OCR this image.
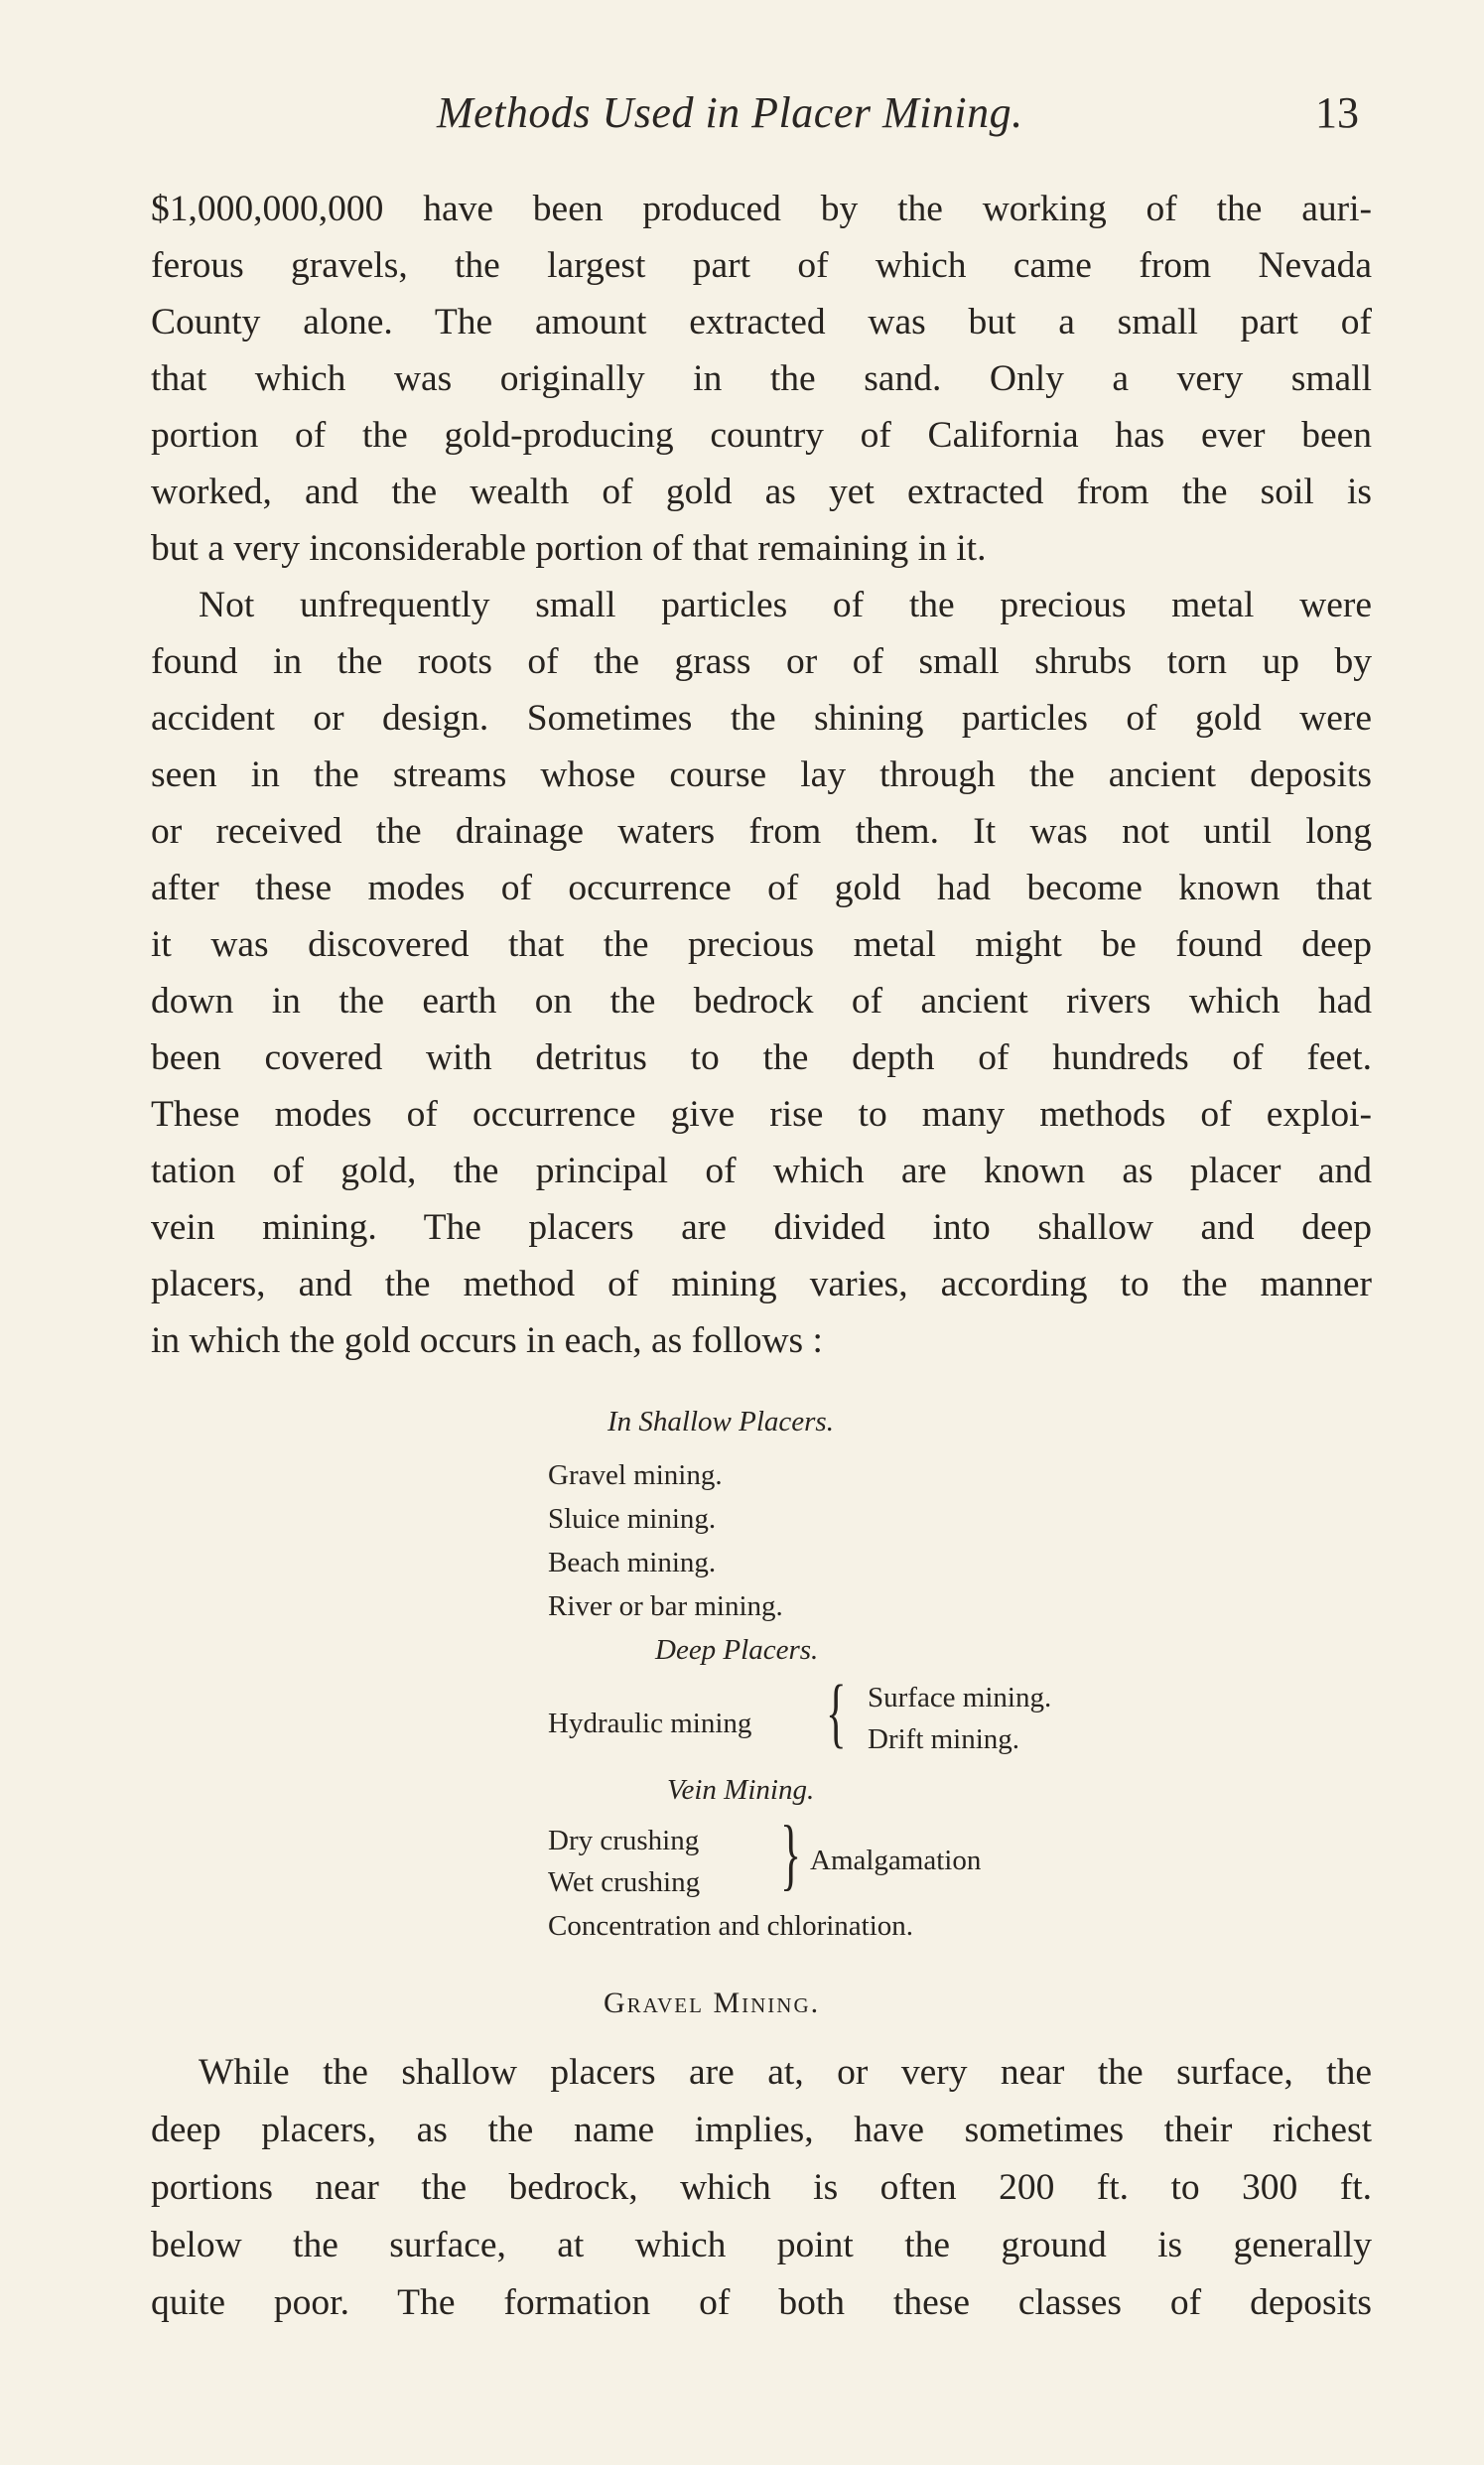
Methods Used in Placer Mining.	13
$1,000,000,000 have been produced by the working of the auri-
ferous gravels, the largest part of which came from Nevada
County alone. The amount extracted was but a small part of
that which was originally in the sand. Only a very small
portion of the gold-producing country of California has ever been
worked, and the wealth of gold as yet extracted from the soil is
but a very inconsiderable portion of that remaining in it.
Not unfrequently small particles of the precious metal were
found in the roots of the grass or of small shrubs torn up by
accident or design. Sometimes the shining particles of gold were
seen in the streams whose course lay through the ancient deposits
or received the drainage waters from them. It was not until long
after these modes of occurrence of gold had become known that
it was discovered that the precious metal might be found deep
down in the earth on the bedrock of ancient rivers which had
been covered with detritus to the depth of hundreds of feet.
These modes of occurrence give rise to many methods of exploi-
tation of gold, the principal of which are known as placer and
vein mining. The placers are divided into shallow and deep
placers, and the method of mining varies, according to the manner
in which the gold occurs in each, as follows :
In Shallow Placers.
Gravel mining.
Sluice mining.
Beach mining.
River or bar mining.
Deep Placers.
Hydraulic mining { Surface mining.
Drift mining.
Vein Mining.
Dry crushing
Wet crushing } Amalgamation
Concentration and chlorination.
Gravel Mining.
While the shallow placers are at, or very near the surface, the
deep placers, as the name implies, have sometimes their richest
portions near the bedrock, which is often 200 ft. to 300 ft.
below the surface, at which point the ground is generally
quite poor. The formation of both these classes of deposits
